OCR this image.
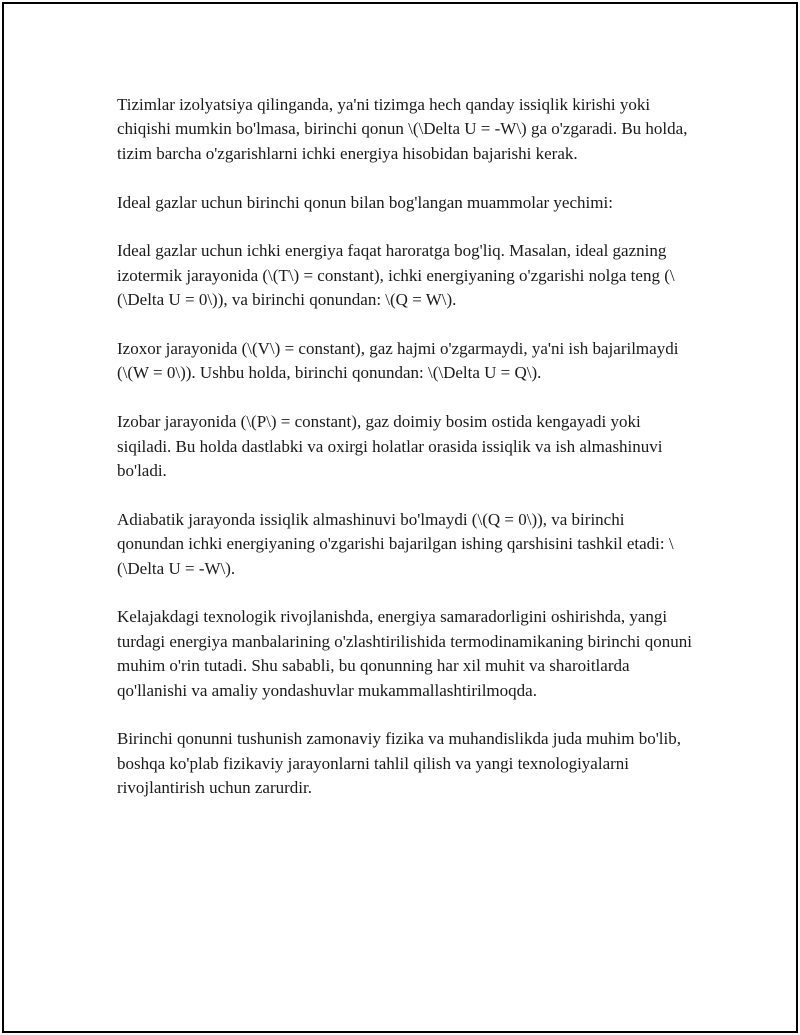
Tizimlar izolyatsiya qilinganda, ya'ni tizimga hech qanday issiqlik kirishi yoki chiqishi mumkin bo'lmasa, birinchi qonun \(\Delta U = -W\) ga o'zgaradi. Bu holda, tizim barcha o'zgarishlarni ichki energiya hisobidan bajarishi kerak.

Ideal gazlar uchun birinchi qonun bilan bog'langan muammolar yechimi:

Ideal gazlar uchun ichki energiya faqat haroratga bog'liq. Masalan, ideal gazning izotermik jarayonida (\(T\) = constant), ichki energiyaning o'zgarishi nolga teng (\(\Delta U = 0\)), va birinchi qonundan: \(Q = W\).

Izoxor jarayonida (\(V\) = constant), gaz hajmi o'zgarmaydi, ya'ni ish bajarilmaydi (\(W = 0\)). Ushbu holda, birinchi qonundan: \(\Delta U = Q\).

Izobar jarayonida (\(P\) = constant), gaz doimiy bosim ostida kengayadi yoki siqiladi. Bu holda dastlabki va oxirgi holatlar orasida issiqlik va ish almashinuvi bo'ladi.

Adiabatik jarayonda issiqlik almashinuvi bo'lmaydi (\(Q = 0\)), va birinchi qonundan ichki energiyaning o'zgarishi bajarilgan ishing qarshisini tashkil etadi: \(\Delta U = -W\).

Kelajakdagi texnologik rivojlanishda, energiya samaradorligini oshirishda, yangi turdagi energiya manbalarining o'zlashtirilishida termodinamikaning birinchi qonuni muhim o'rin tutadi. Shu sababli, bu qonunning har xil muhit va sharoitlarda qo'llanishi va amaliy yondashuvlar mukammallashtirilmoqda.

Birinchi qonunni tushunish zamonaviy fizika va muhandislikda juda muhim bo'lib, boshqa ko'plab fizikaviy jarayonlarni tahlil qilish va yangi texnologiyalarni rivojlantirish uchun zarurdir.
